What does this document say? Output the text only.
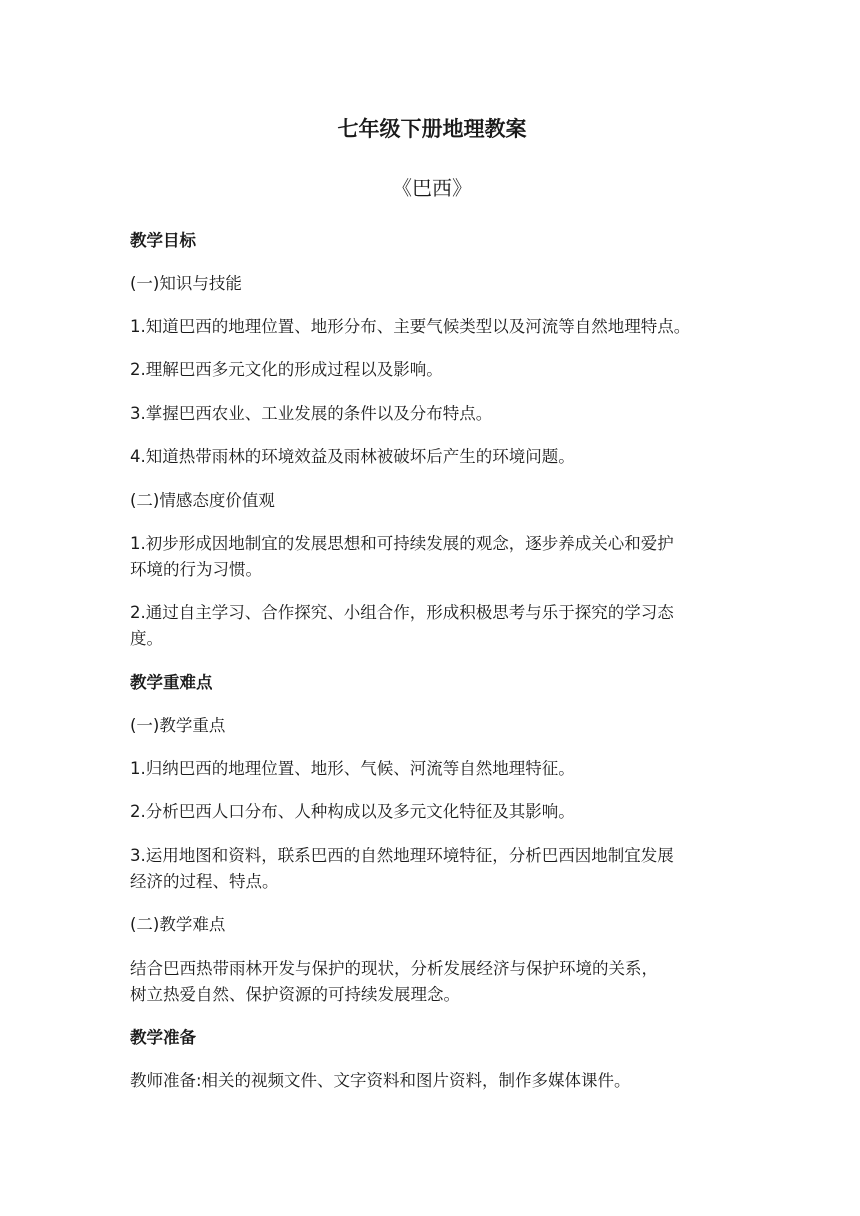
七年级下册地理教案
《巴西》
教学目标
(一)知识与技能
1.知道巴西的地理位置、地形分布、主要气候类型以及河流等自然地理特点。
2.理解巴西多元文化的形成过程以及影响。
3.掌握巴西农业、工业发展的条件以及分布特点。
4.知道热带雨林的环境效益及雨林被破坏后产生的环境问题。
(二)情感态度价值观
1.初步形成因地制宜的发展思想和可持续发展的观念，逐步养成关心和爱护
环境的行为习惯。
2.通过自主学习、合作探究、小组合作，形成积极思考与乐于探究的学习态
度。
教学重难点
(一)教学重点
1.归纳巴西的地理位置、地形、气候、河流等自然地理特征。
2.分析巴西人口分布、人种构成以及多元文化特征及其影响。
3.运用地图和资料，联系巴西的自然地理环境特征，分析巴西因地制宜发展
经济的过程、特点。
(二)教学难点
结合巴西热带雨林开发与保护的现状，分析发展经济与保护环境的关系，
树立热爱自然、保护资源的可持续发展理念。
教学准备
教师准备:相关的视频文件、文字资料和图片资料，制作多媒体课件。
